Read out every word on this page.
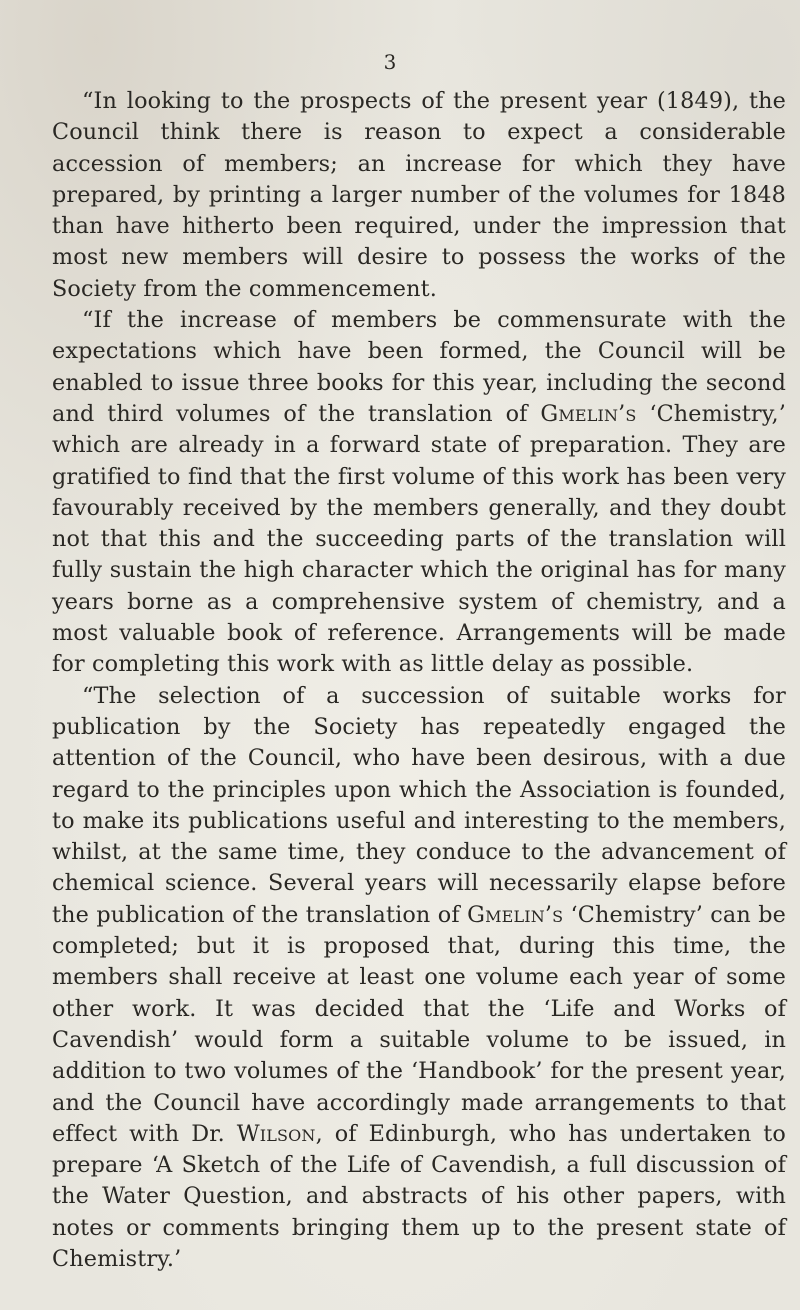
3

“In looking to the prospects of the present year (1849), the Council think there is reason to expect a considerable accession of members; an increase for which they have prepared, by printing a larger number of the volumes for 1848 than have hitherto been required, under the impression that most new members will desire to possess the works of the Society from the commencement.

“If the increase of members be commensurate with the expectations which have been formed, the Council will be enabled to issue three books for this year, including the second and third volumes of the translation of Gmelin’s ‘Chemistry,’ which are already in a forward state of preparation. They are gratified to find that the first volume of this work has been very favourably received by the members generally, and they doubt not that this and the succeeding parts of the translation will fully sustain the high character which the original has for many years borne as a comprehensive system of chemistry, and a most valuable book of reference. Arrangements will be made for completing this work with as little delay as possible.

“The selection of a succession of suitable works for publication by the Society has repeatedly engaged the attention of the Council, who have been desirous, with a due regard to the principles upon which the Association is founded, to make its publications useful and interesting to the members, whilst, at the same time, they conduce to the advancement of chemical science. Several years will necessarily elapse before the publication of the translation of Gmelin’s ‘Chemistry’ can be completed; but it is proposed that, during this time, the members shall receive at least one volume each year of some other work. It was decided that the ‘Life and Works of Cavendish’ would form a suitable volume to be issued, in addition to two volumes of the ‘Handbook’ for the present year, and the Council have accordingly made arrangements to that effect with Dr. Wilson, of Edinburgh, who has undertaken to prepare ‘A Sketch of the Life of Cavendish, a full discussion of the Water Question, and abstracts of his other papers, with notes or comments bringing them up to the present state of Chemistry.’
